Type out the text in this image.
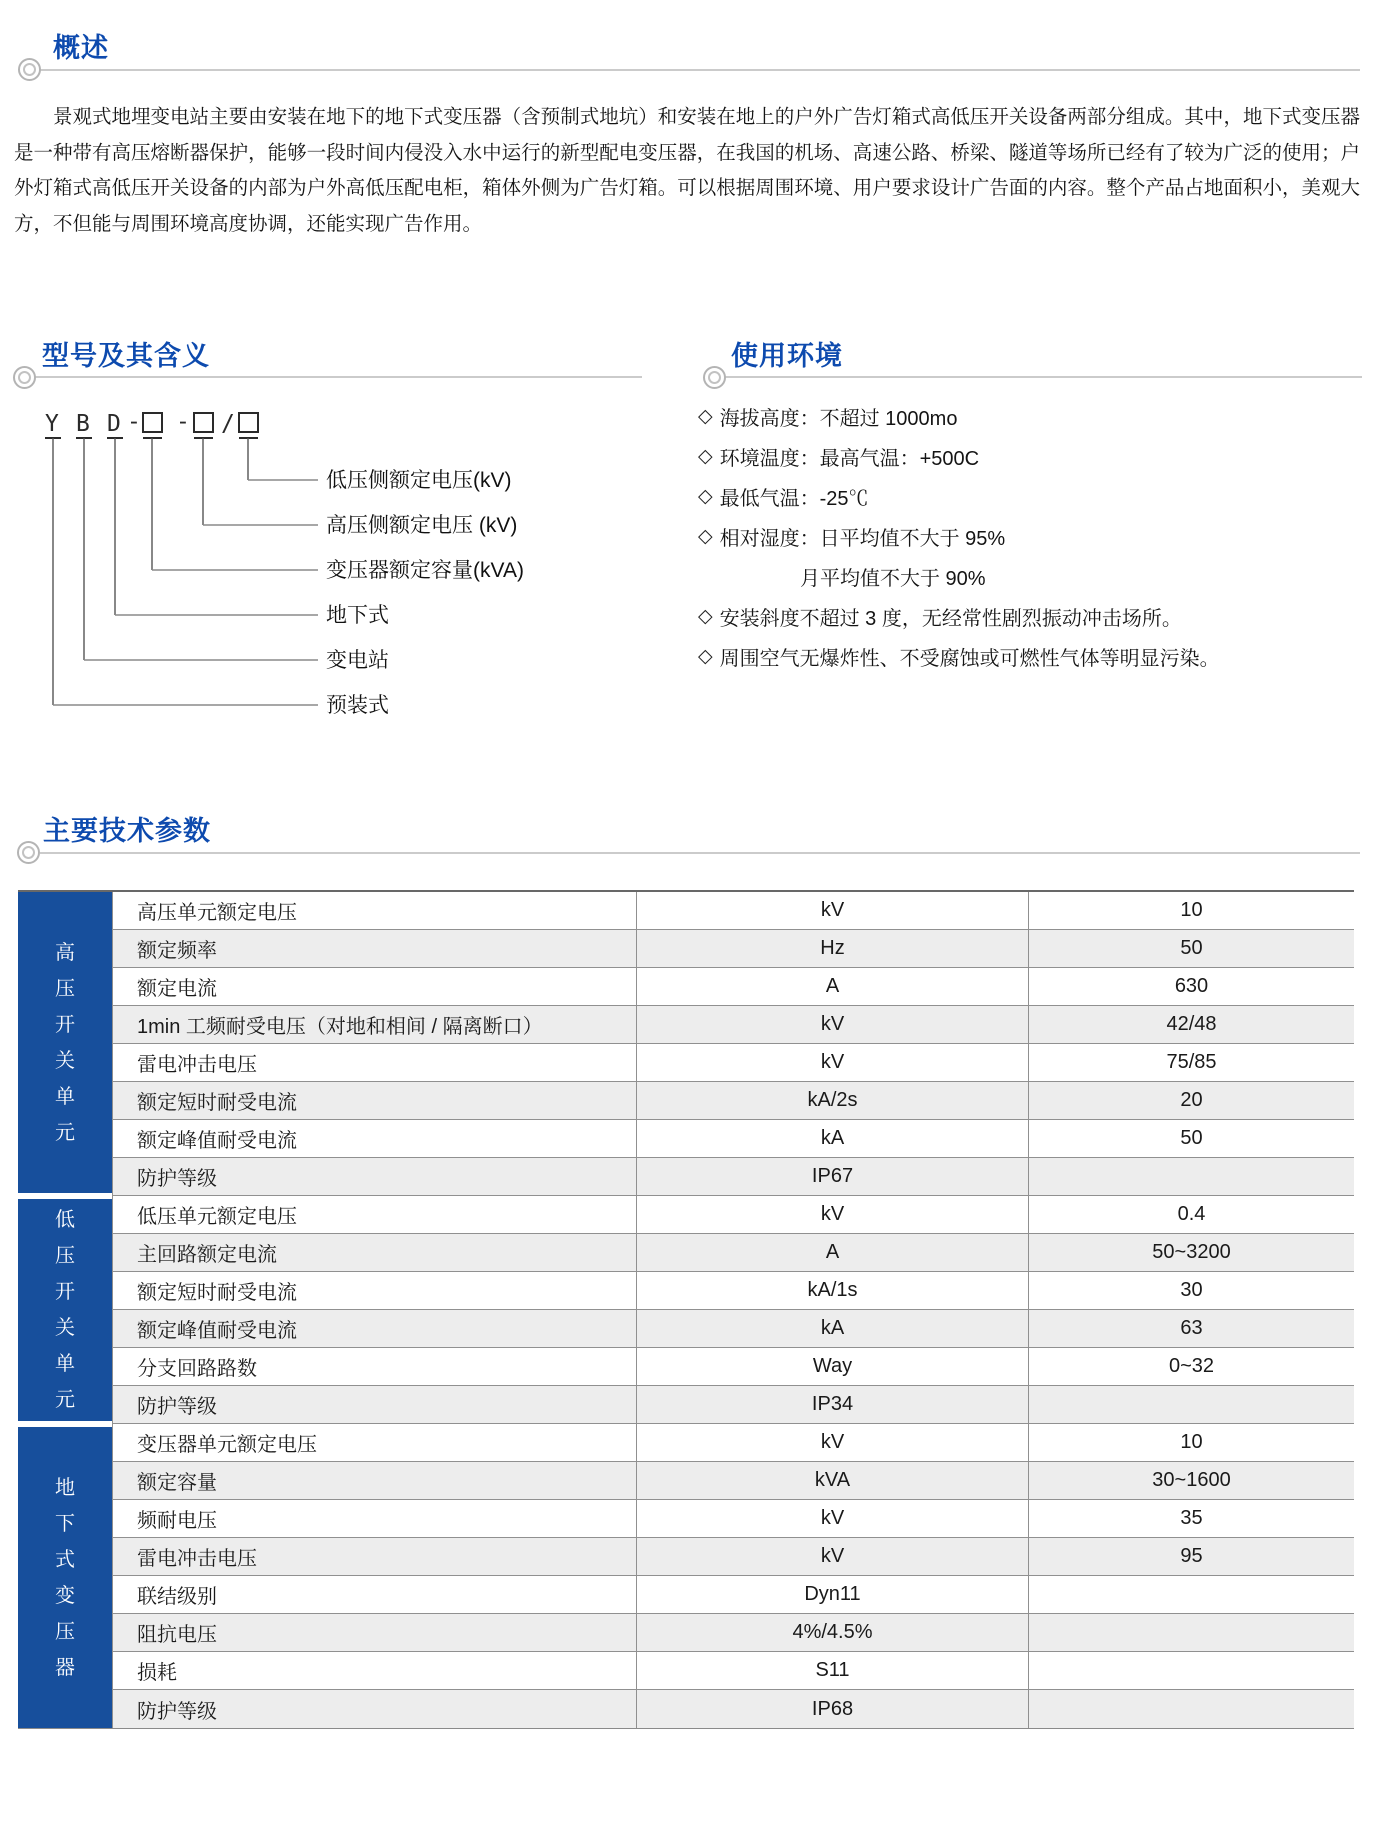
概述

景观式地埋变电站主要由安装在地下的地下式变压器（含预制式地坑）和安装在地上的户外广告灯箱式高低压开关设备两部分组成。其中，地下式变压器是一种带有高压熔断器保护，能够一段时间内侵没入水中运行的新型配电变压器，在我国的机场、高速公路、桥梁、隧道等场所已经有了较为广泛的使用；户外灯箱式高低压开关设备的内部为户外高低压配电柜，箱体外侧为广告灯箱。可以根据周围环境、用户要求设计广告面的内容。整个产品占地面积小，美观大方，不但能与周围环境高度协调，还能实现广告作用。

型号及其含义
Y B D - - /
低压侧额定电压(kV)
高压侧额定电压 (kV)
变压器额定容量(kVA)
地下式
变电站
预装式
使用环境
◇ 海拔高度：不超过 1000mo
◇ 环境温度：最高气温：+500C
◇ 最低气温：-25℃
◇ 相对湿度：日平均值不大于 95%
月平均值不大于 90%
◇ 安装斜度不超过 3 度，无经常性剧烈振动冲击场所。
◇ 周围空气无爆炸性、不受腐蚀或可燃性气体等明显污染。
主要技术参数
高
压
开
关
单
元
高压单元额定电压	kV	10
额定频率	Hz	50
额定电流	A	630
1min 工频耐受电压（对地和相间 / 隔离断口）	kV	42/48
雷电冲击电压	kV	75/85
额定短时耐受电流	kA/2s	20
额定峰值耐受电流	kA	50
防护等级	IP67
低
压
开
关
单
元
低压单元额定电压	kV	0.4
主回路额定电流	A	50~3200
额定短时耐受电流	kA/1s	30
额定峰值耐受电流	kA	63
分支回路路数	Way	0~32
防护等级	IP34
地
下
式
变
压
器
变压器单元额定电压	kV	10
额定容量	kVA	30~1600
频耐电压	kV	35
雷电冲击电压	kV	95
联结级别	Dyn11
阻抗电压	4%/4.5%
损耗	S11
防护等级	IP68
